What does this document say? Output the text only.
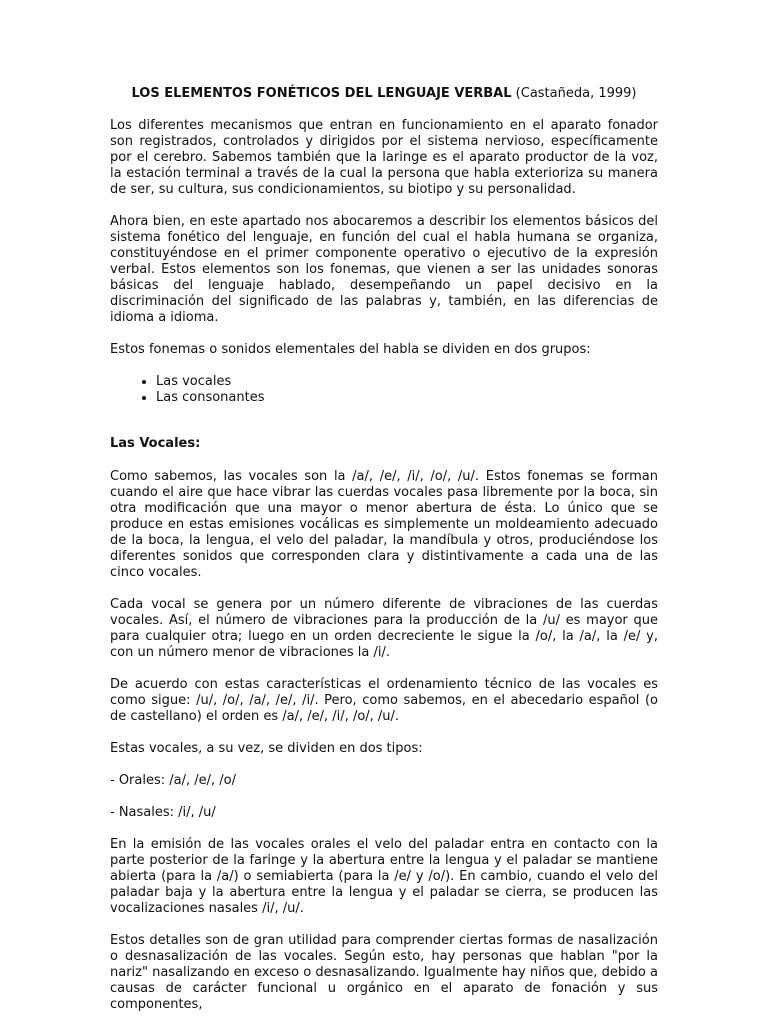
LOS ELEMENTOS FONÉTICOS DEL LENGUAJE VERBAL (Castañeda, 1999)

Los diferentes mecanismos que entran en funcionamiento en el aparato fonador son registrados, controlados y dirigidos por el sistema nervioso, específicamente por el cerebro. Sabemos también que la laringe es el aparato productor de la voz, la estación terminal a través de la cual la persona que habla exterioriza su manera de ser, su cultura, sus condicionamientos, su biotipo y su personalidad.

Ahora bien, en este apartado nos abocaremos a describir los elementos básicos del sistema fonético del lenguaje, en función del cual el habla humana se organiza, constituyéndose en el primer componente operativo o ejecutivo de la expresión verbal. Estos elementos son los fonemas, que vienen a ser las unidades sonoras básicas del lenguaje hablado, desempeñando un papel decisivo en la discriminación del significado de las palabras y, también, en las diferencias de idioma a idioma.

Estos fonemas o sonidos elementales del habla se dividen en dos grupos:

• Las vocales
• Las consonantes
Las Vocales:

Como sabemos, las vocales son la /a/, /e/, /i/, /o/, /u/. Estos fonemas se forman cuando el aire que hace vibrar las cuerdas vocales pasa libremente por la boca, sin otra modificación que una mayor o menor abertura de ésta. Lo único que se produce en estas emisiones vocálicas es simplemente un moldeamiento adecuado de la boca, la lengua, el velo del paladar, la mandíbula y otros, produciéndose los diferentes sonidos que corresponden clara y distintivamente a cada una de las cinco vocales.

Cada vocal se genera por un número diferente de vibraciones de las cuerdas vocales. Así, el número de vibraciones para la producción de la /u/ es mayor que para cualquier otra; luego en un orden decreciente le sigue la /o/, la /a/, la /e/ y, con un número menor de vibraciones la /i/.

De acuerdo con estas características el ordenamiento técnico de las vocales es como sigue: /u/, /o/, /a/, /e/, /i/. Pero, como sabemos, en el abecedario español (o de castellano) el orden es /a/, /e/, /i/, /o/, /u/.

Estas vocales, a su vez, se dividen en dos tipos:

- Orales: /a/, /e/, /o/

- Nasales: /i/, /u/

En la emisión de las vocales orales el velo del paladar entra en contacto con la parte posterior de la faringe y la abertura entre la lengua y el paladar se mantiene abierta (para la /a/) o semiabierta (para la /e/ y /o/). En cambio, cuando el velo del paladar baja y la abertura entre la lengua y el paladar se cierra, se producen las vocalizaciones nasales /i/, /u/.

Estos detalles son de gran utilidad para comprender ciertas formas de nasalización o desnasalización de las vocales. Según esto, hay personas que hablan "por la nariz" nasalizando en exceso o desnasalizando. Igualmente hay niños que, debido a causas de carácter funcional u orgánico en el aparato de fonación y sus componentes,
